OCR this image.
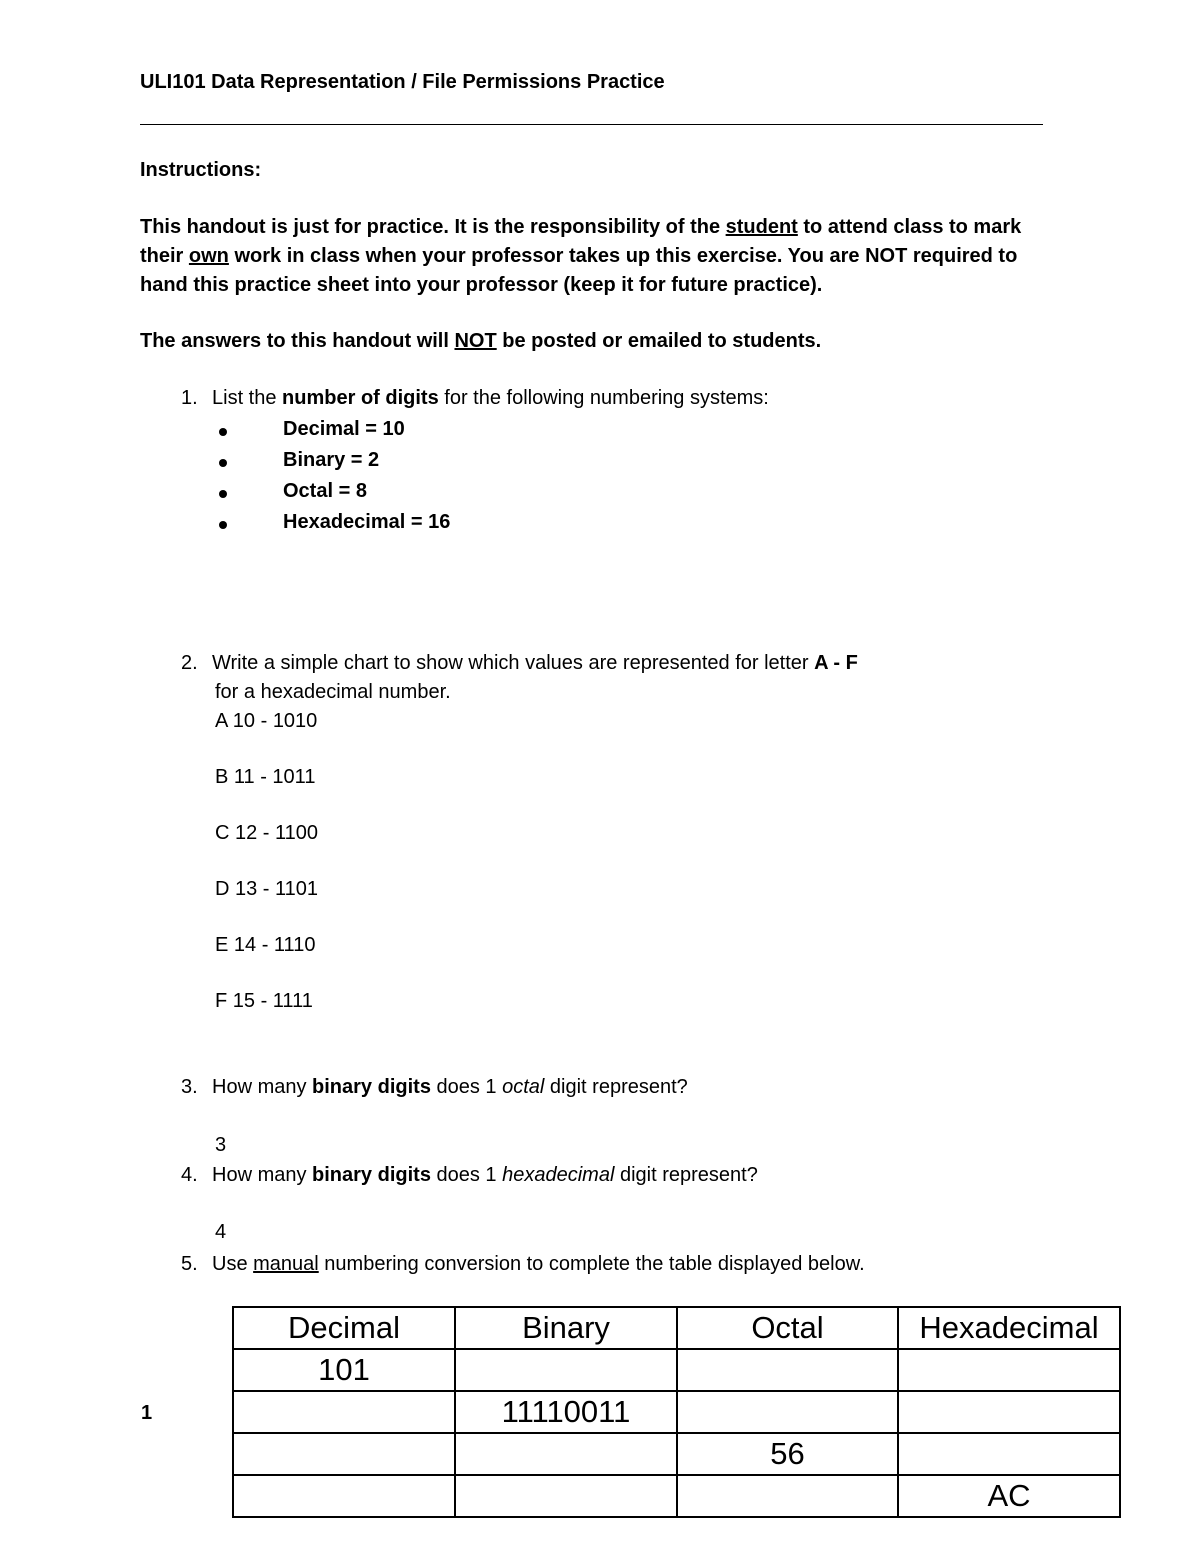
ULI101 Data Representation / File Permissions Practice
Instructions:
This handout is just for practice. It is the responsibility of the student to attend class to mark
their own work in class when your professor takes up this exercise. You are NOT required to
hand this practice sheet into your professor (keep it for future practice).
The answers to this handout will NOT be posted or emailed to students.
1. List the number of digits for the following numbering systems:
Decimal = 10
Binary = 2
Octal = 8
Hexadecimal = 16
2. Write a simple chart to show which values are represented for letter A - F
for a hexadecimal number.
A 10 - 1010
B 11 - 1011
C 12 - 1100
D 13 - 1101
E 14 - 1110
F 15 - 1111
3. How many binary digits does 1 octal digit represent?
3
4. How many binary digits does 1 hexadecimal digit represent?
4
5. Use manual numbering conversion to complete the table displayed below.
Decimal	Binary	Octal	Hexadecimal
101			
	11110011		
		56	
			AC
1
